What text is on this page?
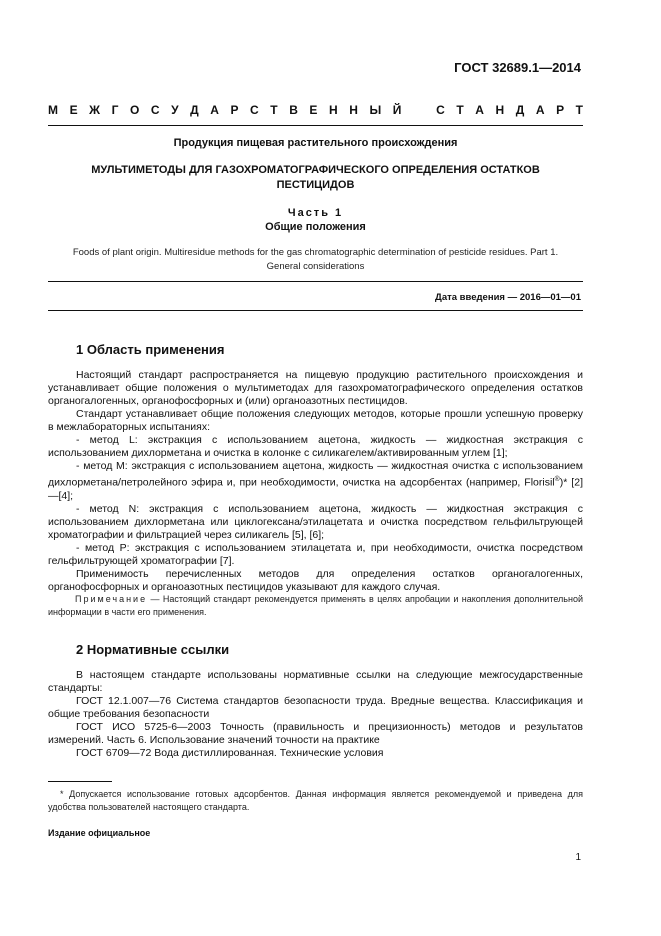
ГОСТ 32689.1—2014
М Е Ж Г О С У Д А Р С Т В Е Н Н Ы Й	С Т А Н Д А Р Т
Продукция пищевая растительного происхождения
МУЛЬТИМЕТОДЫ ДЛЯ ГАЗОХРОМАТОГРАФИЧЕСКОГО ОПРЕДЕЛЕНИЯ ОСТАТКОВ
ПЕСТИЦИДОВ
Часть 1
Общие положения
Foods of plant origin. Multiresidue methods for the gas chromatographic determination of pesticide residues. Part 1.
General considerations
Дата введения — 2016—01—01
1 Область применения

Настоящий стандарт распространяется на пищевую продукцию растительного происхождения и устанавливает общие положения о мультиметодах для газохроматографического определения остатков органогалогенных, органофосфорных и (или) органоазотных пестицидов.

Стандарт устанавливает общие положения следующих методов, которые прошли успешную проверку в межлабораторных испытаниях:

- метод L: экстракция с использованием ацетона, жидкость — жидкостная экстракция с использованием дихлорметана и очистка в колонке с силикагелем/активированным углем [1];

- метод M: экстракция с использованием ацетона, жидкость — жидкостная очистка с использованием дихлорметана/петролейного эфира и, при необходимости, очистка на адсорбентах (например, Florisil®)* [2]—[4];

- метод N: экстракция с использованием ацетона, жидкость — жидкостная экстракция с использованием дихлорметана или циклогексана/этилацетата и очистка посредством гельфильтрующей хроматографии и фильтрацией через силикагель [5], [6];

- метод P: экстракция с использованием этилацетата и, при необходимости, очистка посредством гельфильтрующей хроматографии [7].

Применимость перечисленных методов для определения остатков органогалогенных, органофосфорных и органоазотных пестицидов указывают для каждого случая.

Примечание — Настоящий стандарт рекомендуется применять в целях апробации и накопления дополнительной информации в части его применения.
2 Нормативные ссылки

В настоящем стандарте использованы нормативные ссылки на следующие межгосударственные стандарты:

ГОСТ 12.1.007—76 Система стандартов безопасности труда. Вредные вещества. Классификация и общие требования безопасности

ГОСТ ИСО 5725-6—2003 Точность (правильность и прецизионность) методов и результатов измерений. Часть 6. Использование значений точности на практике

ГОСТ 6709—72 Вода дистиллированная. Технические условия

* Допускается использование готовых адсорбентов. Данная информация является рекомендуемой и приведена для удобства пользователей настоящего стандарта.

Издание официальное
1
